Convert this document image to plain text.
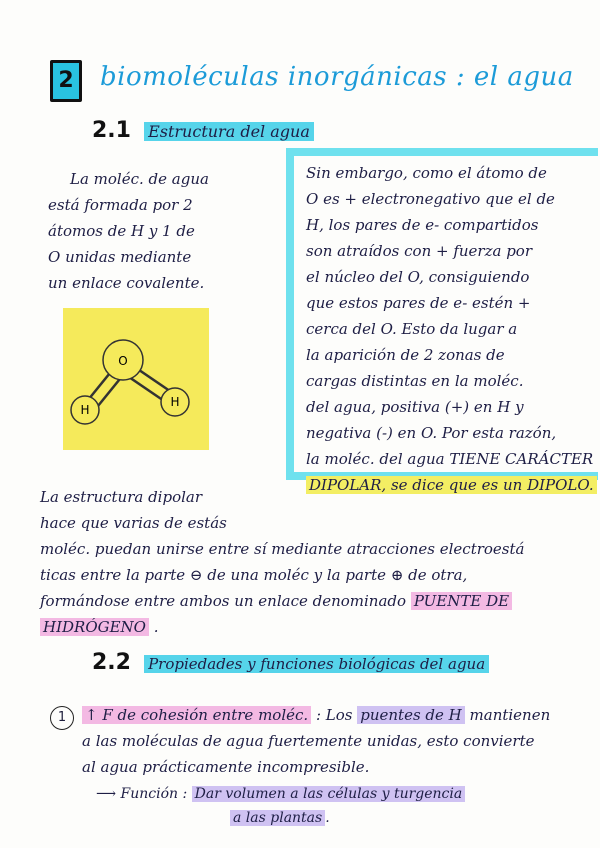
2	biomoléculas inorgánicas : el agua
2.1 Estructura del agua
La moléc. de agua
está formada por 2
átomos de H y 1 de
O unidas mediante
un enlace covalente.
O
H
H
Sin embargo, como el átomo de
O es + electronegativo que el de
H, los pares de e- compartidos
son atraídos con + fuerza por
el núcleo del O, consiguiendo
que estos pares de e- estén +
cerca del O. Esto da lugar a
la aparición de 2 zonas de
cargas distintas en la moléc.
del agua, positiva (+) en H y
negativa (-) en O. Por esta razón,
la moléc. del agua TIENE CARÁCTER
DIPOLAR, se dice que es un DIPOLO.
La estructura dipolar
hace que varias de estás
moléc. puedan unirse entre sí mediante atracciones electroestá
ticas entre la parte ⊖ de una moléc y la parte ⊕ de otra,
formándose entre ambos un enlace denominado PUENTE DE
HIDRÓGENO .
2.2 Propiedades y funciones biológicas del agua
1	↑ F de cohesión entre moléc. : Los puentes de H mantienen
a las moléculas de agua fuertemente unidas, esto convierte
al agua prácticamente incompresible.
⟶ Función : Dar volumen a las células y turgencia
a las plantas .
